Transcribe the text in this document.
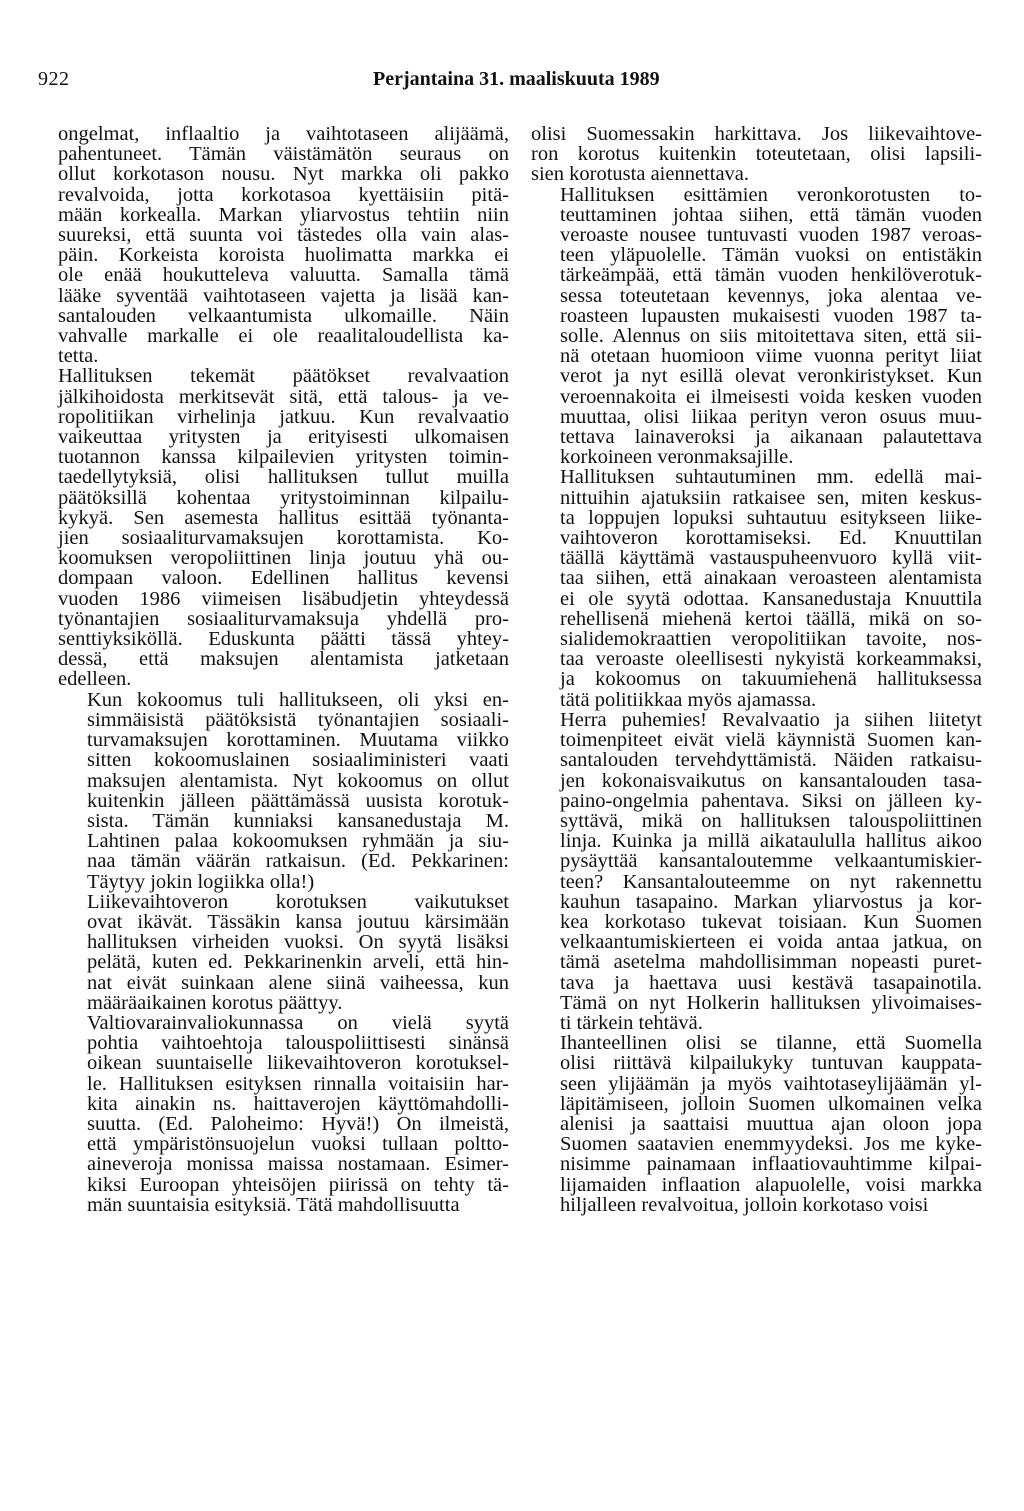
922	Perjantaina 31. maaliskuuta 1989

ongelmat, inflaaltio ja vaihtotaseen alijäämä,
pahentuneet. Tämän väistämätön seuraus on
ollut korkotason nousu. Nyt markka oli pakko
revalvoida, jotta korkotasoa kyettäisiin pitä-
mään korkealla. Markan yliarvostus tehtiin niin
suureksi, että suunta voi tästedes olla vain alas-
päin. Korkeista koroista huolimatta markka ei
ole enää houkutteleva valuutta. Samalla tämä
lääke syventää vaihtotaseen vajetta ja lisää kan-
santalouden velkaantumista ulkomaille. Näin
vahvalle markalle ei ole reaalitaloudellista ka-
tetta.

Hallituksen tekemät päätökset revalvaation
jälkihoidosta merkitsevät sitä, että talous- ja ve-
ropolitiikan virhelinja jatkuu. Kun revalvaatio
vaikeuttaa yritysten ja erityisesti ulkomaisen
tuotannon kanssa kilpailevien yritysten toimin-
taedellytyksiä, olisi hallituksen tullut muilla
päätöksillä kohentaa yritystoiminnan kilpailu-
kykyä. Sen asemesta hallitus esittää työnanta-
jien sosiaaliturvamaksujen korottamista. Ko-
koomuksen veropoliittinen linja joutuu yhä ou-
dompaan valoon. Edellinen hallitus kevensi
vuoden 1986 viimeisen lisäbudjetin yhteydessä
työnantajien sosiaaliturvamaksuja yhdellä pro-
senttiyksiköllä. Eduskunta päätti tässä yhtey-
dessä, että maksujen alentamista jatketaan
edelleen.

Kun kokoomus tuli hallitukseen, oli yksi en-
simmäisistä päätöksistä työnantajien sosiaali-
turvamaksujen korottaminen. Muutama viikko
sitten kokoomuslainen sosiaaliministeri vaati
maksujen alentamista. Nyt kokoomus on ollut
kuitenkin jälleen päättämässä uusista korotuk-
sista. Tämän kunniaksi kansanedustaja M.
Lahtinen palaa kokoomuksen ryhmään ja siu-
naa tämän väärän ratkaisun. (Ed. Pekkarinen:
Täytyy jokin logiikka olla!)

Liikevaihtoveron korotuksen vaikutukset
ovat ikävät. Tässäkin kansa joutuu kärsimään
hallituksen virheiden vuoksi. On syytä lisäksi
pelätä, kuten ed. Pekkarinenkin arveli, että hin-
nat eivät suinkaan alene siinä vaiheessa, kun
määräaikainen korotus päättyy.

Valtiovarainvaliokunnassa on vielä syytä
pohtia vaihtoehtoja talouspoliittisesti sinänsä
oikean suuntaiselle liikevaihtoveron korotuksel-
le. Hallituksen esityksen rinnalla voitaisiin har-
kita ainakin ns. haittaverojen käyttömahdolli-
suutta. (Ed. Paloheimo: Hyvä!) On ilmeistä,
että ympäristönsuojelun vuoksi tullaan poltto-
aineveroja monissa maissa nostamaan. Esimer-
kiksi Euroopan yhteisöjen piirissä on tehty tä-
män suuntaisia esityksiä. Tätä mahdollisuutta

olisi Suomessakin harkittava. Jos liikevaihtove-
ron korotus kuitenkin toteutetaan, olisi lapsili-
sien korotusta aiennettava.

Hallituksen esittämien veronkorotusten to-
teuttaminen johtaa siihen, että tämän vuoden
veroaste nousee tuntuvasti vuoden 1987 veroas-
teen yläpuolelle. Tämän vuoksi on entistäkin
tärkeämpää, että tämän vuoden henkilöverotuk-
sessa toteutetaan kevennys, joka alentaa ve-
roasteen lupausten mukaisesti vuoden 1987 ta-
solle. Alennus on siis mitoitettava siten, että sii-
nä otetaan huomioon viime vuonna perityt liiat
verot ja nyt esillä olevat veronkiristykset. Kun
veroennakoita ei ilmeisesti voida kesken vuoden
muuttaa, olisi liikaa perityn veron osuus muu-
tettava lainaveroksi ja aikanaan palautettava
korkoineen veronmaksajille.

Hallituksen suhtautuminen mm. edellä mai-
nittuihin ajatuksiin ratkaisee sen, miten keskus-
ta loppujen lopuksi suhtautuu esitykseen liike-
vaihtoveron korottamiseksi. Ed. Knuuttilan
täällä käyttämä vastauspuheenvuoro kyllä viit-
taa siihen, että ainakaan veroasteen alentamista
ei ole syytä odottaa. Kansanedustaja Knuuttila
rehellisenä miehenä kertoi täällä, mikä on so-
sialidemokraattien veropolitiikan tavoite, nos-
taa veroaste oleellisesti nykyistä korkeammaksi,
ja kokoomus on takuumiehenä hallituksessa
tätä politiikkaa myös ajamassa.

Herra puhemies! Revalvaatio ja siihen liitetyt
toimenpiteet eivät vielä käynnistä Suomen kan-
santalouden tervehdyttämistä. Näiden ratkaisu-
jen kokonaisvaikutus on kansantalouden tasa-
paino-ongelmia pahentava. Siksi on jälleen ky-
syttävä, mikä on hallituksen talouspoliittinen
linja. Kuinka ja millä aikataululla hallitus aikoo
pysäyttää kansantaloutemme velkaantumiskier-
teen? Kansantalouteemme on nyt rakennettu
kauhun tasapaino. Markan yliarvostus ja kor-
kea korkotaso tukevat toisiaan. Kun Suomen
velkaantumiskierteen ei voida antaa jatkua, on
tämä asetelma mahdollisimman nopeasti puret-
tava ja haettava uusi kestävä tasapainotila.
Tämä on nyt Holkerin hallituksen ylivoimaises-
ti tärkein tehtävä.

Ihanteellinen olisi se tilanne, että Suomella
olisi riittävä kilpailukyky tuntuvan kauppata-
seen ylijäämän ja myös vaihtotaseylijäämän yl-
läpitämiseen, jolloin Suomen ulkomainen velka
alenisi ja saattaisi muuttua ajan oloon jopa
Suomen saatavien enemmyydeksi. Jos me kyke-
nisimme painamaan inflaatiovauhtimme kilpai-
lijamaiden inflaation alapuolelle, voisi markka
hiljalleen revalvoitua, jolloin korkotaso voisi
